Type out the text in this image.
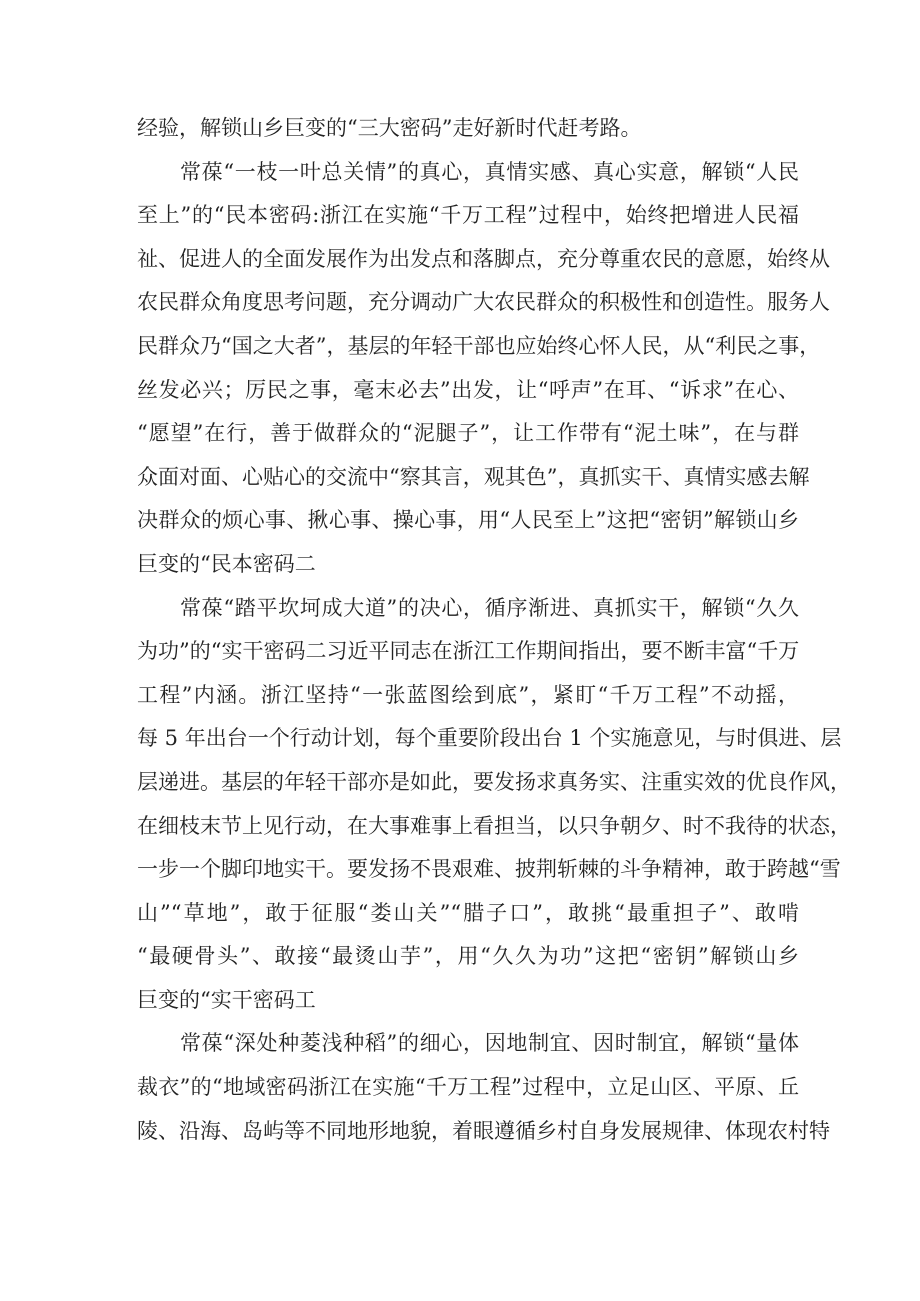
经验，解锁山乡巨变的“三大密码”走好新时代赶考路。
常葆“一枝一叶总关情”的真心，真情实感、真心实意，解锁“人民
至上”的“民本密码:浙江在实施“千万工程”过程中，始终把增进人民福
祉、促进人的全面发展作为出发点和落脚点，充分尊重农民的意愿，始终从
农民群众角度思考问题，充分调动广大农民群众的积极性和创造性。服务人
民群众乃“国之大者”，基层的年轻干部也应始终心怀人民，从“利民之事，
丝发必兴；厉民之事，毫末必去”出发，让“呼声”在耳、“诉求”在心、
“愿望”在行，善于做群众的“泥腿子”，让工作带有“泥土味”，在与群
众面对面、心贴心的交流中“察其言，观其色”，真抓实干、真情实感去解
决群众的烦心事、揪心事、操心事，用“人民至上”这把“密钥”解锁山乡
巨变的“民本密码二
常葆“踏平坎坷成大道”的决心，循序渐进、真抓实干，解锁“久久
为功”的“实干密码二习近平同志在浙江工作期间指出，要不断丰富“千万
工程”内涵。浙江坚持“一张蓝图绘到底”，紧盯“千万工程”不动摇，
每 5 年出台一个行动计划，每个重要阶段出台 1 个实施意见，与时俱进、层
层递进。基层的年轻干部亦是如此，要发扬求真务实、注重实效的优良作风，
在细枝末节上见行动，在大事难事上看担当，以只争朝夕、时不我待的状态，
一步一个脚印地实干。要发扬不畏艰难、披荆斩棘的斗争精神，敢于跨越“雪
山”“草地”，敢于征服“娄山关”“腊子口”，敢挑“最重担子”、敢啃
“最硬骨头”、敢接“最烫山芋”，用“久久为功”这把“密钥”解锁山乡
巨变的“实干密码工
常葆“深处种菱浅种稻”的细心，因地制宜、因时制宜，解锁“量体
裁衣”的“地域密码浙江在实施“千万工程”过程中，立足山区、平原、丘
陵、沿海、岛屿等不同地形地貌，着眼遵循乡村自身发展规律、体现农村特
